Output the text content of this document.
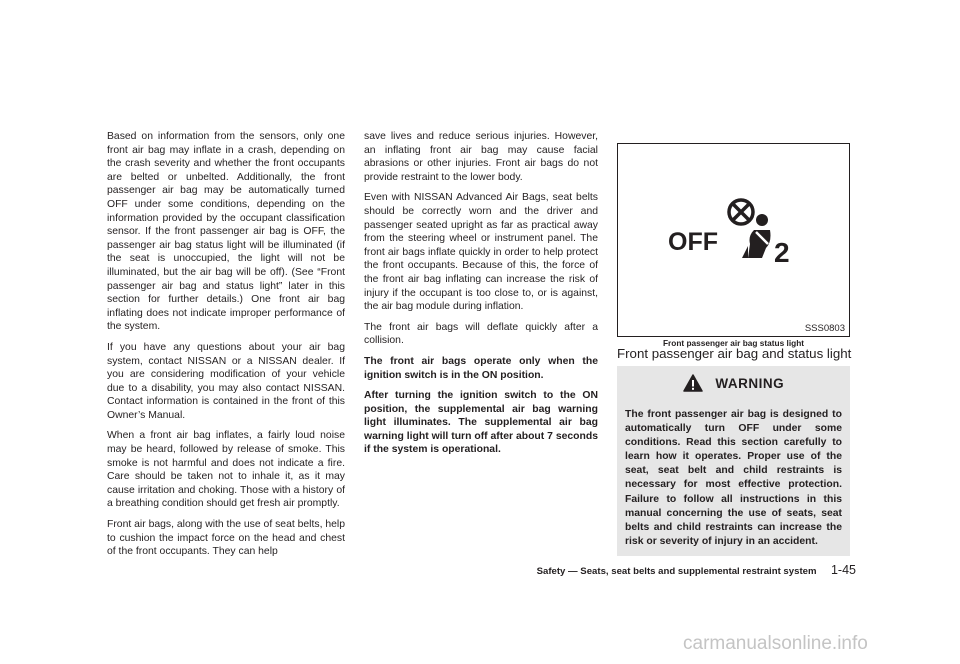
Based on information from the sensors, only one front air bag may inflate in a crash, depending on the crash severity and whether the front occupants are belted or unbelted. Additionally, the front passenger air bag may be automatically turned OFF under some conditions, depending on the information provided by the occupant classification sensor. If the front passenger air bag is OFF, the passenger air bag status light will be illuminated (if the seat is unoccupied, the light will not be illuminated, but the air bag will be off). (See “Front passenger air bag and status light” later in this section for further details.) One front air bag inflating does not indicate improper performance of the system.

If you have any questions about your air bag system, contact NISSAN or a NISSAN dealer. If you are considering modification of your vehicle due to a disability, you may also contact NISSAN. Contact information is contained in the front of this Owner’s Manual.

When a front air bag inflates, a fairly loud noise may be heard, followed by release of smoke. This smoke is not harmful and does not indicate a fire. Care should be taken not to inhale it, as it may cause irritation and choking. Those with a history of a breathing condition should get fresh air promptly.

Front air bags, along with the use of seat belts, help to cushion the impact force on the head and chest of the front occupants. They can help

save lives and reduce serious injuries. However, an inflating front air bag may cause facial abrasions or other injuries. Front air bags do not provide restraint to the lower body.

Even with NISSAN Advanced Air Bags, seat belts should be correctly worn and the driver and passenger seated upright as far as practical away from the steering wheel or instrument panel. The front air bags inflate quickly in order to help protect the front occupants. Because of this, the force of the front air bag inflating can increase the risk of injury if the occupant is too close to, or is against, the air bag module during inflation.

The front air bags will deflate quickly after a collision.

The front air bags operate only when the ignition switch is in the ON position.

After turning the ignition switch to the ON position, the supplemental air bag warning light illuminates. The supplemental air bag warning light will turn off after about 7 seconds if the system is operational.

OFF 2
SSS0803
Front passenger air bag status light
Front passenger air bag and status light
WARNING

The front passenger air bag is designed to automatically turn OFF under some conditions. Read this section carefully to learn how it operates. Proper use of the seat, seat belt and child restraints is necessary for most effective protection. Failure to follow all instructions in this manual concerning the use of seats, seat belts and child restraints can increase the risk or severity of injury in an accident.

Safety — Seats, seat belts and supplemental restraint system 1-45
carmanualsonline.info
